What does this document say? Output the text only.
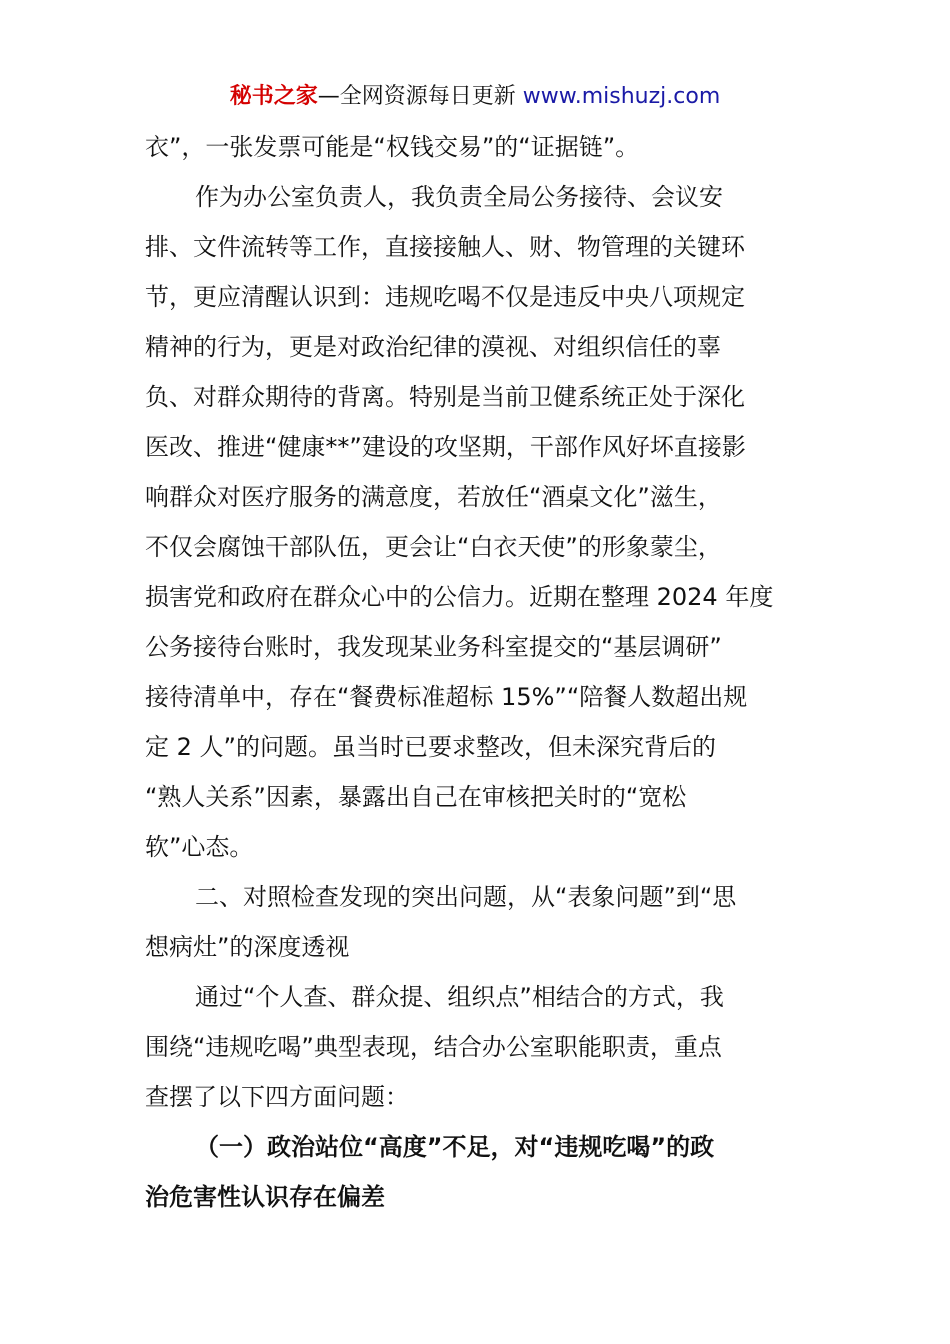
秘书之家—全网资源每日更新 www.mishuzj.com
衣”，一张发票可能是“权钱交易”的“证据链”。
作为办公室负责人，我负责全局公务接待、会议安
排、文件流转等工作，直接接触人、财、物管理的关键环
节，更应清醒认识到：违规吃喝不仅是违反中央八项规定
精神的行为，更是对政治纪律的漠视、对组织信任的辜
负、对群众期待的背离。特别是当前卫健系统正处于深化
医改、推进“健康**”建设的攻坚期，干部作风好坏直接影
响群众对医疗服务的满意度，若放任“酒桌文化”滋生，
不仅会腐蚀干部队伍，更会让“白衣天使”的形象蒙尘，
损害党和政府在群众心中的公信力。近期在整理 2024 年度
公务接待台账时，我发现某业务科室提交的“基层调研”
接待清单中，存在“餐费标准超标 15%”“陪餐人数超出规
定 2 人”的问题。虽当时已要求整改，但未深究背后的
“熟人关系”因素，暴露出自己在审核把关时的“宽松
软”心态。
二、对照检查发现的突出问题，从“表象问题”到“思
想病灶”的深度透视
通过“个人查、群众提、组织点”相结合的方式，我
围绕“违规吃喝”典型表现，结合办公室职能职责，重点
查摆了以下四方面问题：
（一）政治站位“高度”不足，对“违规吃喝”的政
治危害性认识存在偏差
